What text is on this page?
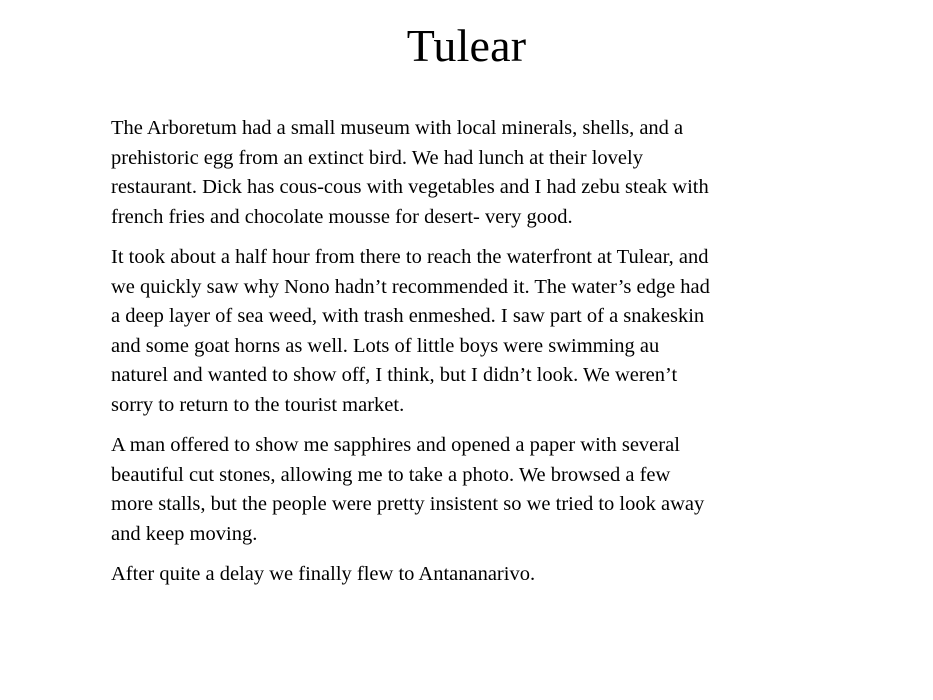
Tulear

The Arboretum had a small museum with local minerals, shells, and a
prehistoric egg from an extinct bird. We had lunch at their lovely
restaurant. Dick has cous-cous with vegetables and I had zebu steak with
french fries and chocolate mousse for desert- very good.

It took about a half hour from there to reach the waterfront at Tulear, and
we quickly saw why Nono hadn’t recommended it. The water’s edge had
a deep layer of sea weed, with trash enmeshed. I saw part of a snakeskin
and some goat horns as well. Lots of little boys were swimming au
naturel and wanted to show off, I think, but I didn’t look. We weren’t
sorry to return to the tourist market.

A man offered to show me sapphires and opened a paper with several
beautiful cut stones, allowing me to take a photo. We browsed a few
more stalls, but the people were pretty insistent so we tried to look away
and keep moving.

After quite a delay we finally flew to Antananarivo.
